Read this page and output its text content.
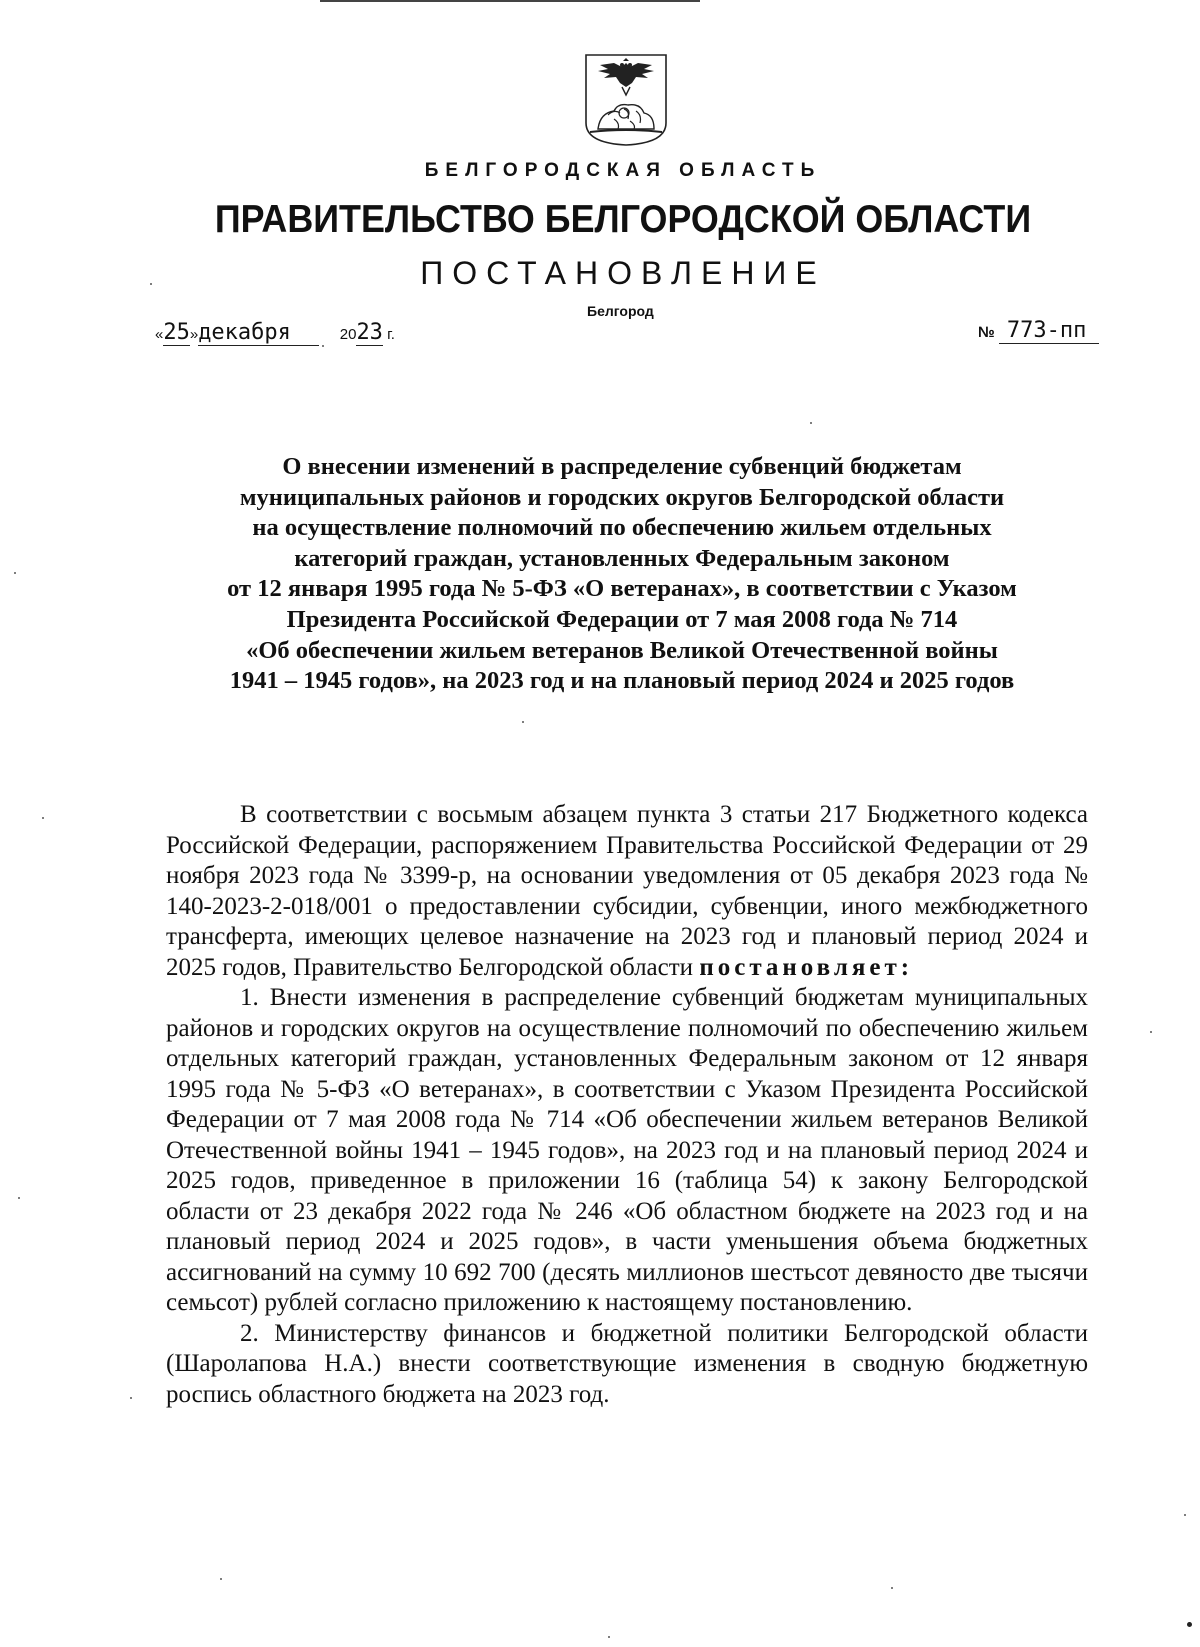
БЕЛГОРОДСКАЯ ОБЛАСТЬ
ПРАВИТЕЛЬСТВО БЕЛГОРОДСКОЙ ОБЛАСТИ
ПОСТАНОВЛЕНИЕ
Белгород
«25»декабря	2023 г.	№ 773-пп
О внесении изменений в распределение субвенций бюджетам
муниципальных районов и городских округов Белгородской области
на осуществление полномочий по обеспечению жильем отдельных
категорий граждан, установленных Федеральным законом
от 12 января 1995 года № 5-ФЗ «О ветеранах», в соответствии с Указом
Президента Российской Федерации от 7 мая 2008 года № 714
«Об обеспечении жильем ветеранов Великой Отечественной войны
1941 – 1945 годов», на 2023 год и на плановый период 2024 и 2025 годов

В соответствии с восьмым абзацем пункта 3 статьи 217 Бюджетного кодекса Российской Федерации, распоряжением Правительства Российской Федерации от 29 ноября 2023 года № 3399-р, на основании уведомления от 05 декабря 2023 года № 140-2023-2-018/001 о предоставлении субсидии, субвенции, иного межбюджетного трансферта, имеющих целевое назначение на 2023 год и плановый период 2024 и 2025 годов, Правительство Белгородской области постановляет:

1. Внести изменения в распределение субвенций бюджетам муниципальных районов и городских округов на осуществление полномочий по обеспечению жильем отдельных категорий граждан, установленных Федеральным законом от 12 января 1995 года № 5-ФЗ «О ветеранах», в соответствии с Указом Президента Российской Федерации от 7 мая 2008 года № 714 «Об обеспечении жильем ветеранов Великой Отечественной войны 1941 – 1945 годов», на 2023 год и на плановый период 2024 и 2025 годов, приведенное в приложении 16 (таблица 54) к закону Белгородской области от 23 декабря 2022 года № 246 «Об областном бюджете на 2023 год и на плановый период 2024 и 2025 годов», в части уменьшения объема бюджетных ассигнований на сумму 10 692 700 (десять миллионов шестьсот девяносто две тысячи семьсот) рублей согласно приложению к настоящему постановлению.

2. Министерству финансов и бюджетной политики Белгородской области (Шаролапова Н.А.) внести соответствующие изменения в сводную бюджетную роспись областного бюджета на 2023 год.
